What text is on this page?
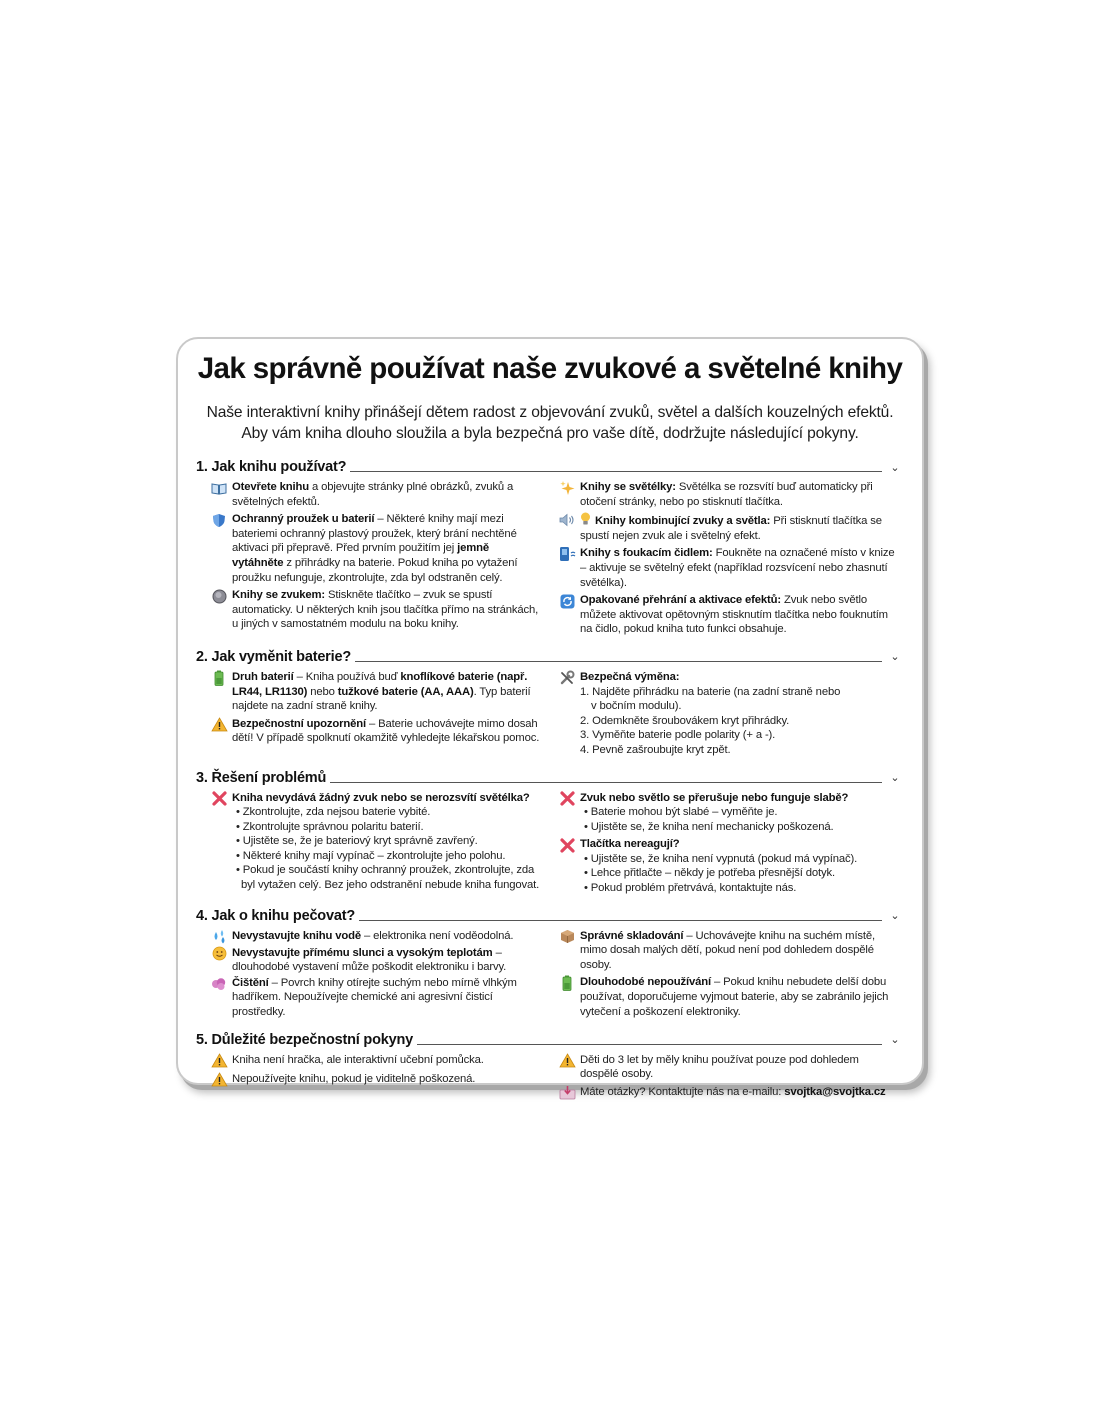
Jak správně používat naše zvukové a světelné knihy
Naše interaktivní knihy přinášejí dětem radost z objevování zvuků, světel a dalších kouzelných efektů.
Aby vám kniha dlouho sloužila a byla bezpečná pro vaše dítě, dodržujte následující pokyny.
1. Jak knihu používat?	⌄
Otevřete knihu a objevujte stránky plné obrázků, zvuků a světelných efektů.
Ochranný proužek u baterií – Některé knihy mají mezi bateriemi ochranný plastový proužek, který brání nechtěné aktivaci při přepravě. Před prvním použitím jej jemně vytáhněte z přihrádky na baterie. Pokud kniha po vytažení proužku nefunguje, zkontrolujte, zda byl odstraněn celý.
Knihy se zvukem: Stiskněte tlačítko – zvuk se spustí automaticky. U některých knih jsou tlačítka přímo na stránkách, u jiných v samostatném modulu na boku knihy.
Knihy se světélky: Světélka se rozsvítí buď automaticky při otočení stránky, nebo po stisknutí tlačítka.
Knihy kombinující zvuky a světla: Při stisknutí tlačítka se spustí nejen zvuk ale i světelný efekt.
Knihy s foukacím čidlem: Foukněte na označené místo v knize – aktivuje se světelný efekt (například rozsvícení nebo zhasnutí světélka).
Opakované přehrání a aktivace efektů: Zvuk nebo světlo můžete aktivovat opětovným stisknutím tlačítka nebo fouknutím na čidlo, pokud kniha tuto funkci obsahuje.
2. Jak vyměnit baterie?	⌄
Druh baterií – Kniha používá buď knoflíkové baterie (např. LR44, LR1130) nebo tužkové baterie (AA, AAA). Typ baterií najdete na zadní straně knihy.
Bezpečnostní upozornění – Baterie uchovávejte mimo dosah dětí! V případě spolknutí okamžitě vyhledejte lékařskou pomoc.
Bezpečná výměna:
1. Najděte přihrádku na baterie (na zadní straně nebo
v bočním modulu).
2. Odemkněte šroubovákem kryt přihrádky.
3. Vyměňte baterie podle polarity (+ a -).
4. Pevně zašroubujte kryt zpět.
3. Řešení problémů	⌄
Kniha nevydává žádný zvuk nebo se nerozsvítí světélka?
• Zkontrolujte, zda nejsou baterie vybité.
• Zkontrolujte správnou polaritu baterií.
• Ujistěte se, že je bateriový kryt správně zavřený.
• Některé knihy mají vypínač – zkontrolujte jeho polohu.
• Pokud je součástí knihy ochranný proužek, zkontrolujte, zda
byl vytažen celý. Bez jeho odstranění nebude kniha fungovat.
Zvuk nebo světlo se přerušuje nebo funguje slabě?
• Baterie mohou být slabé – vyměňte je.
• Ujistěte se, že kniha není mechanicky poškozená.
Tlačítka nereagují?
• Ujistěte se, že kniha není vypnutá (pokud má vypínač).
• Lehce přitlačte – někdy je potřeba přesnější dotyk.
• Pokud problém přetrvává, kontaktujte nás.
4. Jak o knihu pečovat?	⌄
Nevystavujte knihu vodě – elektronika není voděodolná.
Nevystavujte přímému slunci a vysokým teplotám – dlouhodobé vystavení může poškodit elektroniku i barvy.
Čištění – Povrch knihy otírejte suchým nebo mírně vlhkým hadříkem. Nepoužívejte chemické ani agresivní čisticí prostředky.
Správné skladování – Uchovávejte knihu na suchém místě, mimo dosah malých dětí, pokud není pod dohledem dospělé osoby.
Dlouhodobé nepoužívání – Pokud knihu nebudete delší dobu používat, doporučujeme vyjmout baterie, aby se zabránilo jejich vytečení a poškození elektroniky.
5. Důležité bezpečnostní pokyny	⌄
Kniha není hračka, ale interaktivní učební pomůcka.
Nepoužívejte knihu, pokud je viditelně poškozená.
Děti do 3 let by měly knihu používat pouze pod dohledem dospělé osoby.
Máte otázky? Kontaktujte nás na e-mailu: svojtka@svojtka.cz
